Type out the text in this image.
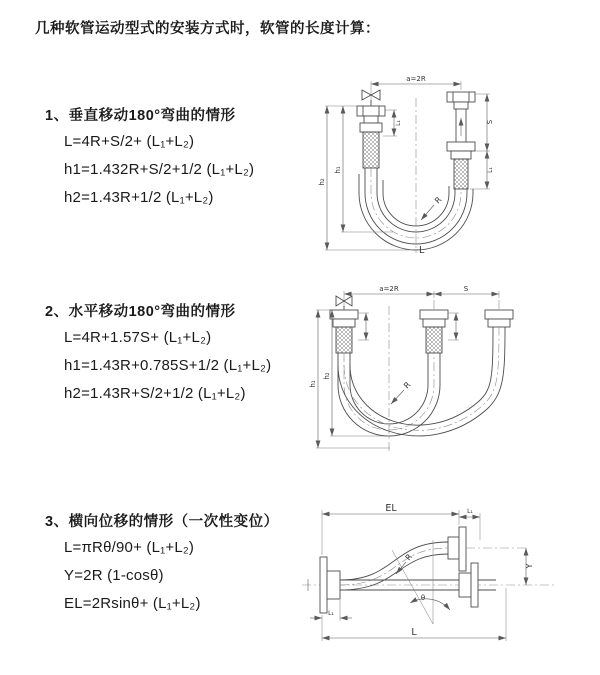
几种软管运动型式的安装方式时，软管的长度计算：
1、垂直移动180°弯曲的情形
L=4R+S/2+ (L₁+L₂)
h1=1.432R+S/2+1/2 (L₁+L₂)
h2=1.43R+1/2 (L₁+L₂)
2、水平移动180°弯曲的情形
L=4R+1.57S+ (L₁+L₂)
h1=1.43R+0.785S+1/2 (L₁+L₂)
h2=1.43R+S/2+1/2 (L₁+L₂)
3、横向位移的情形（一次性变位）
L=πRθ/90+ (L₁+L₂)
Y=2R (1-cosθ)
EL=2Rsinθ+ (L₁+L₂)
a=2R
L₁	S
L₁
R
h₁
h₂
L
a=2R	S
R
h₂
h₁
EL	L₁
Y
R
θ
L₁
L
